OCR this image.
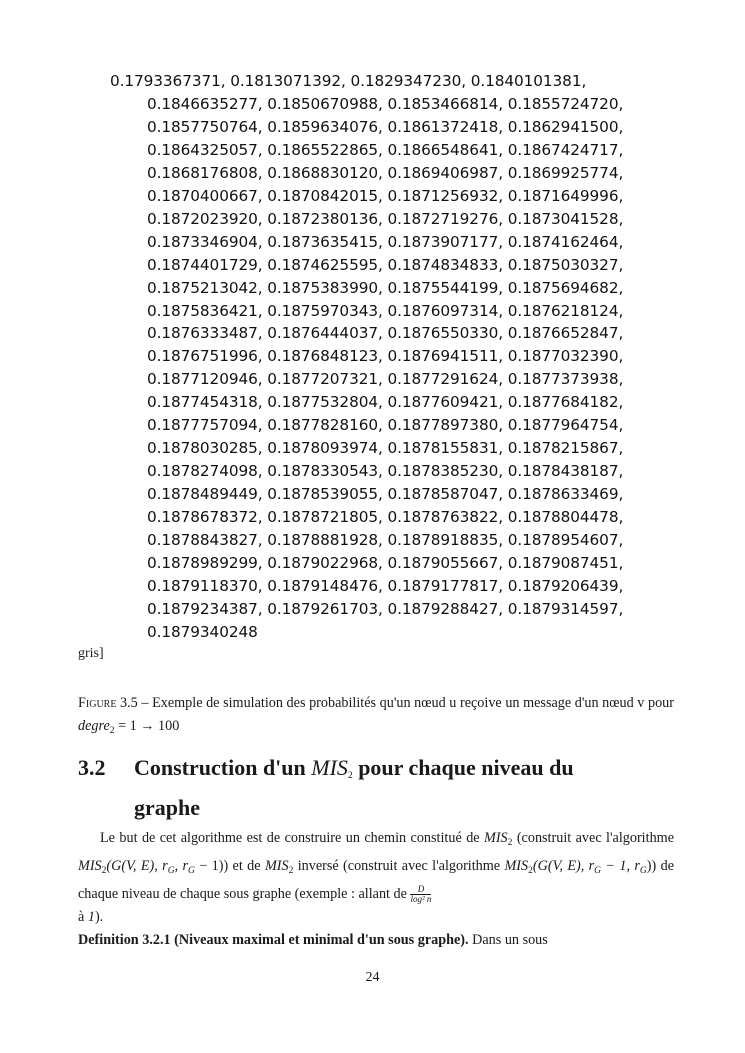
0.1793367371, 0.1813071392, 0.1829347230, 0.1840101381,
0.1846635277, 0.1850670988, 0.1853466814, 0.1855724720,
0.1857750764, 0.1859634076, 0.1861372418, 0.1862941500,
0.1864325057, 0.1865522865, 0.1866548641, 0.1867424717,
0.1868176808, 0.1868830120, 0.1869406987, 0.1869925774,
0.1870400667, 0.1870842015, 0.1871256932, 0.1871649996,
0.1872023920, 0.1872380136, 0.1872719276, 0.1873041528,
0.1873346904, 0.1873635415, 0.1873907177, 0.1874162464,
0.1874401729, 0.1874625595, 0.1874834833, 0.1875030327,
0.1875213042, 0.1875383990, 0.1875544199, 0.1875694682,
0.1875836421, 0.1875970343, 0.1876097314, 0.1876218124,
0.1876333487, 0.1876444037, 0.1876550330, 0.1876652847,
0.1876751996, 0.1876848123, 0.1876941511, 0.1877032390,
0.1877120946, 0.1877207321, 0.1877291624, 0.1877373938,
0.1877454318, 0.1877532804, 0.1877609421, 0.1877684182,
0.1877757094, 0.1877828160, 0.1877897380, 0.1877964754,
0.1878030285, 0.1878093974, 0.1878155831, 0.1878215867,
0.1878274098, 0.1878330543, 0.1878385230, 0.1878438187,
0.1878489449, 0.1878539055, 0.1878587047, 0.1878633469,
0.1878678372, 0.1878721805, 0.1878763822, 0.1878804478,
0.1878843827, 0.1878881928, 0.1878918835, 0.1878954607,
0.1878989299, 0.1879022968, 0.1879055667, 0.1879087451,
0.1879118370, 0.1879148476, 0.1879177817, 0.1879206439,
0.1879234387, 0.1879261703, 0.1879288427, 0.1879314597,
0.1879340248
gris]
Figure 3.5 – Exemple de simulation des probabilités qu'un nœud u reçoive un message d'un nœud v pour degre$_2$ = 1 → 100
3.2 Construction d'un $MIS_2$ pour chaque niveau du
graphe
Le but de cet algorithme est de construire un chemin constitué de $MIS_2$ (construit avec l'algorithme $MIS_2(G(V$, E), $r_G$, $r_G - 1$)) et de $MIS_2$ inversé (construit avec l'algorithme $MIS_2(G(V$, E), $r_G - 1$, $r_G$)) de chaque niveau de chaque sous graphe (exemple : allant de $\frac{D}{\text{log² n}}$

à 1).
Definition 3.2.1 (Niveaux maximal et minimal d'un sous graphe). Dans un sous
24
